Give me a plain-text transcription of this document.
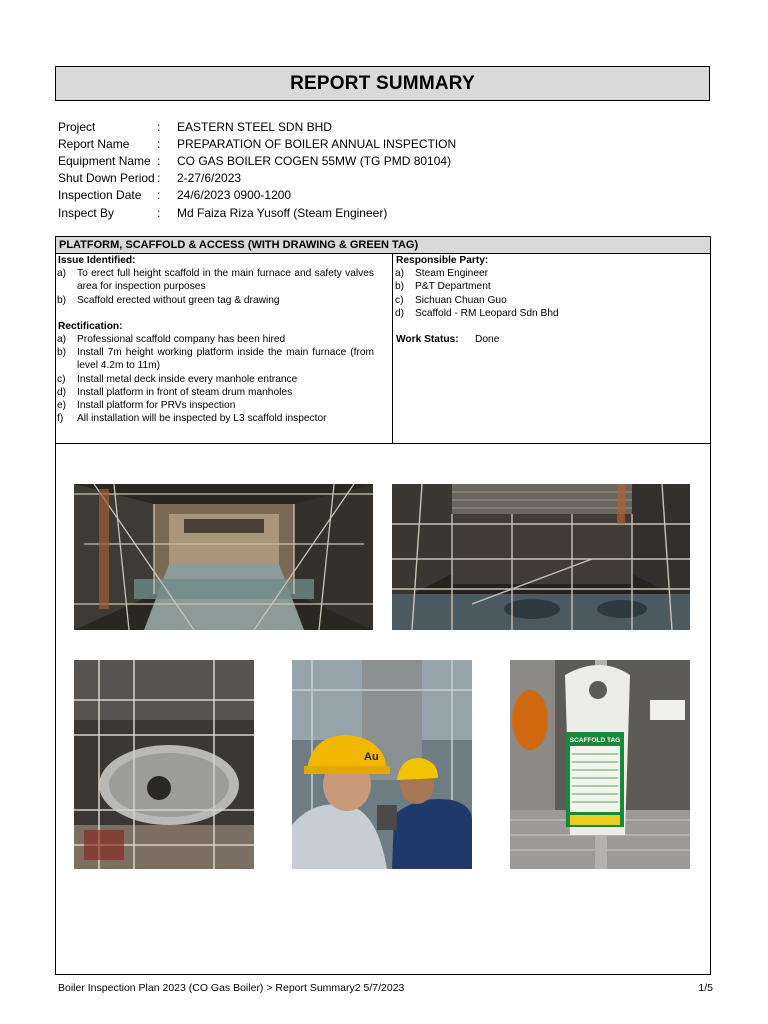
REPORT SUMMARY
Project	:	EASTERN STEEL SDN BHD
Report Name	:	PREPARATION OF BOILER ANNUAL INSPECTION
Equipment Name :	CO GAS BOILER COGEN 55MW (TG PMD 80104)
Shut Down Period :	2-27/6/2023
Inspection Date	:	24/6/2023 0900-1200
Inspect By	:	Md Faiza Riza Yusoff (Steam Engineer)
PLATFORM, SCAFFOLD & ACCESS (WITH DRAWING & GREEN TAG)
Issue Identified:
a)	To erect full height scaffold in the main furnace and safety valves area for inspection purposes
b)	Scaffold erected without green tag & drawing
Rectification:
a)	Professional scaffold company has been hired
b)	Install 7m height working platform inside the main furnace (from level 4.2m to 11m)
c)	Install metal deck inside every manhole entrance
d)	Install platform in front of steam drum manholes
e)	Install platform for PRVs inspection
f)	All installation will be inspected by L3 scaffold inspector
Responsible Party:
a)	Steam Engineer
b)	P&T Department
c)	Sichuan Chuan Guo
d)	Scaffold - RM Leopard Sdn Bhd
Work Status:	Done
Au
SCAFFOLD TAG
Boiler Inspection Plan 2023 (CO Gas Boiler) > Report Summary2 5/7/2023	1/5
